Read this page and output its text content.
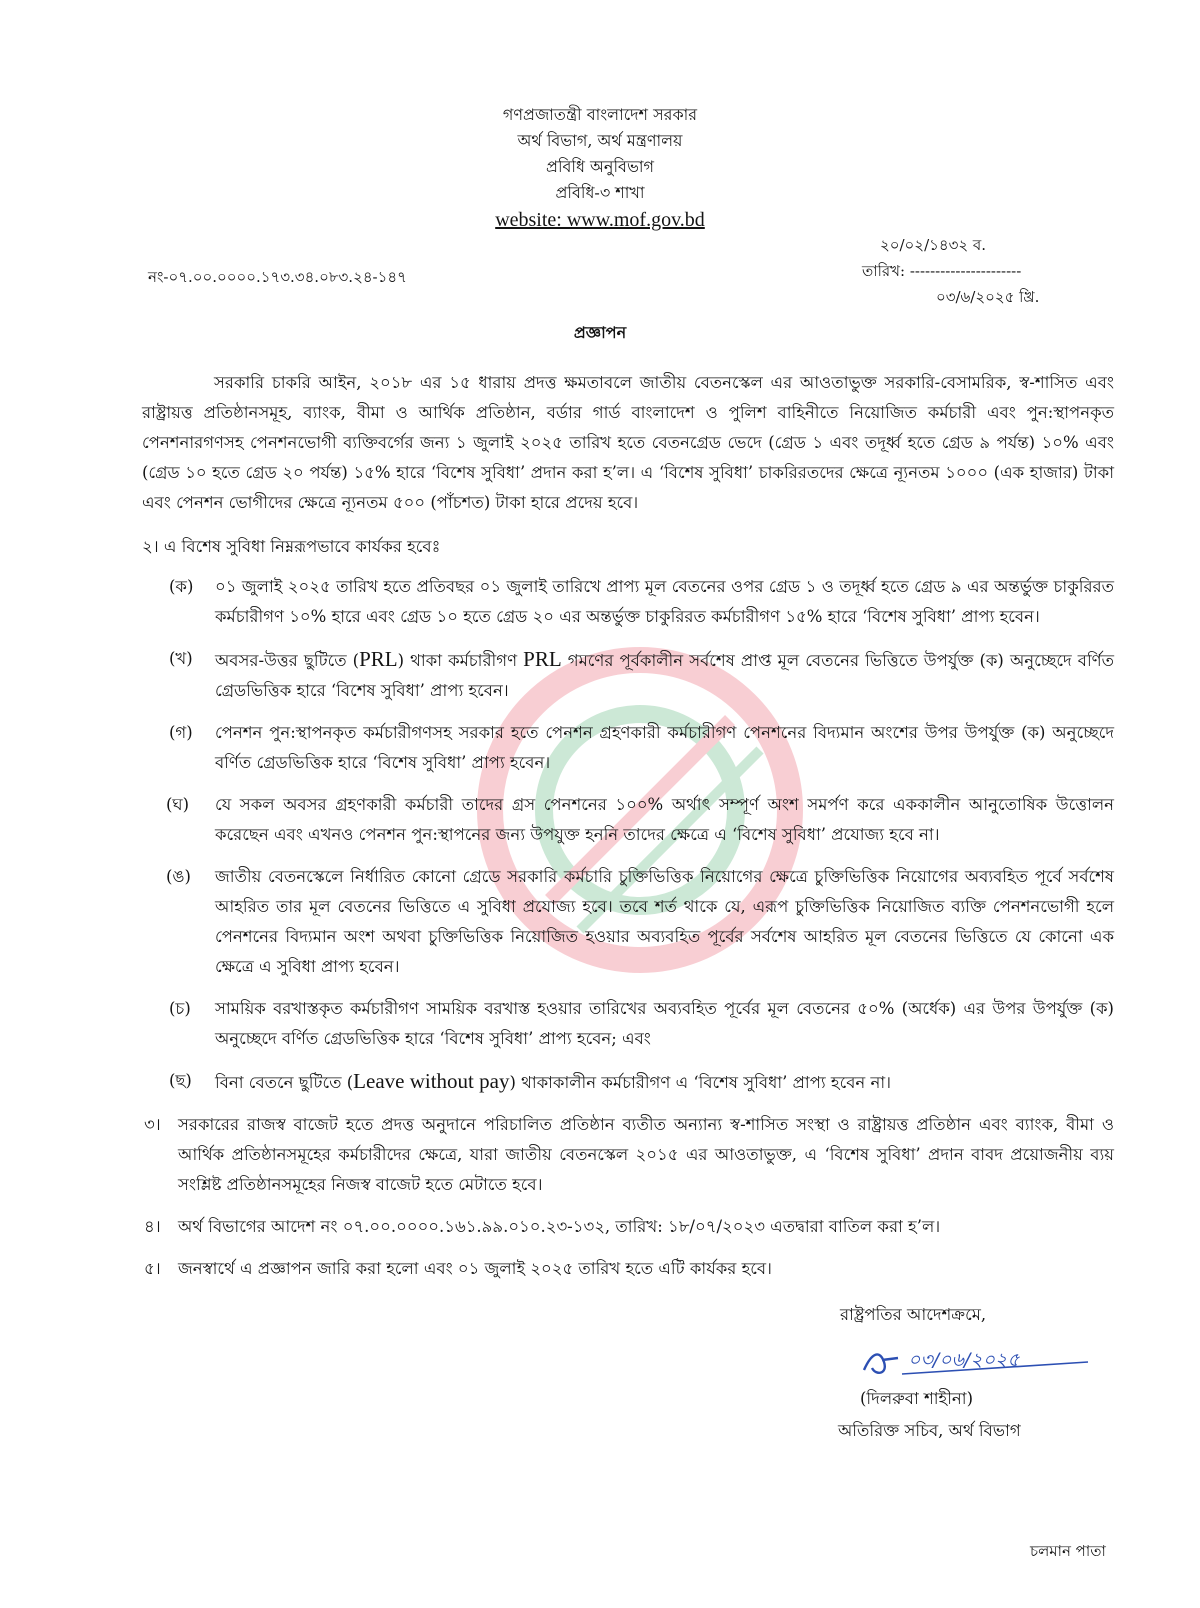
গণপ্রজাতন্ত্রী বাংলাদেশ সরকার
অর্থ বিভাগ, অর্থ মন্ত্রণালয়
প্রবিধি অনুবিভাগ
প্রবিধি-৩ শাখা
website: www.mof.gov.bd
নং-০৭.০০.০০০০.১৭৩.৩৪.০৮৩.২৪-১৪৭
২০/০২/১৪৩২ ব.
তারিখ: ----------------------
০৩/৬/২০২৫ খ্রি.
প্রজ্ঞাপন

সরকারি চাকরি আইন, ২০১৮ এর ১৫ ধারায় প্রদত্ত ক্ষমতাবলে জাতীয় বেতনস্কেল এর আওতাভুক্ত সরকারি-বেসামরিক, স্ব-শাসিত এবং রাষ্ট্রায়ত্ত প্রতিষ্ঠানসমূহ, ব্যাংক, বীমা ও আর্থিক প্রতিষ্ঠান, বর্ডার গার্ড বাংলাদেশ ও পুলিশ বাহিনীতে নিয়োজিত কর্মচারী এবং পুন:স্থাপনকৃত পেনশনারগণসহ পেনশনভোগী ব্যক্তিবর্গের জন্য ১ জুলাই ২০২৫ তারিখ হতে বেতনগ্রেড ভেদে (গ্রেড ১ এবং তদূর্ধ্ব হতে গ্রেড ৯ পর্যন্ত) ১০% এবং (গ্রেড ১০ হতে গ্রেড ২০ পর্যন্ত) ১৫% হারে ‘বিশেষ সুবিধা’ প্রদান করা হ’ল। এ ‘বিশেষ সুবিধা’ চাকরিরতদের ক্ষেত্রে ন্যূনতম ১০০০ (এক হাজার) টাকা এবং পেনশন ভোগীদের ক্ষেত্রে ন্যূনতম ৫০০ (পাঁচশত) টাকা হারে প্রদেয় হবে।

২। এ বিশেষ সুবিধা নিম্নরূপভাবে কার্যকর হবেঃ
(ক) ০১ জুলাই ২০২৫ তারিখ হতে প্রতিবছর ০১ জুলাই তারিখে প্রাপ্য মূল বেতনের ওপর গ্রেড ১ ও তদূর্ধ্ব হতে গ্রেড ৯ এর অন্তর্ভুক্ত চাকুরিরত কর্মচারীগণ ১০% হারে এবং গ্রেড ১০ হতে গ্রেড ২০ এর অন্তর্ভুক্ত চাকুরিরত কর্মচারীগণ ১৫% হারে ‘বিশেষ সুবিধা’ প্রাপ্য হবেন।
(খ) অবসর-উত্তর ছুটিতে (PRL) থাকা কর্মচারীগণ PRL গমণের পূর্বকালীন সর্বশেষ প্রাপ্ত মূল বেতনের ভিত্তিতে উপর্যুক্ত (ক) অনুচ্ছেদে বর্ণিত গ্রেডভিত্তিক হারে ‘বিশেষ সুবিধা’ প্রাপ্য হবেন।
(গ) পেনশন পুন:স্থাপনকৃত কর্মচারীগণসহ সরকার হতে পেনশন গ্রহণকারী কর্মচারীগণ পেনশনের বিদ্যমান অংশের উপর উপর্যুক্ত (ক) অনুচ্ছেদে বর্ণিত গ্রেডভিত্তিক হারে ‘বিশেষ সুবিধা’ প্রাপ্য হবেন।
(ঘ) যে সকল অবসর গ্রহণকারী কর্মচারী তাদের গ্রস পেনশনের ১০০% অর্থাৎ সম্পূর্ণ অংশ সমর্পণ করে এককালীন আনুতোষিক উত্তোলন করেছেন এবং এখনও পেনশন পুন:স্থাপনের জন্য উপযুক্ত হননি তাদের ক্ষেত্রে এ ‘বিশেষ সুবিধা’ প্রযোজ্য হবে না।
(ঙ) জাতীয় বেতনস্কেলে নির্ধারিত কোনো গ্রেডে সরকারি কর্মচারি চুক্তিভিত্তিক নিয়োগের ক্ষেত্রে চুক্তিভিত্তিক নিয়োগের অব্যবহিত পূর্বে সর্বশেষ আহরিত তার মূল বেতনের ভিত্তিতে এ সুবিধা প্রযোজ্য হবে। তবে শর্ত থাকে যে, এরূপ চুক্তিভিত্তিক নিয়োজিত ব্যক্তি পেনশনভোগী হলে পেনশনের বিদ্যমান অংশ অথবা চুক্তিভিত্তিক নিয়োজিত হওয়ার অব্যবহিত পূর্বের সর্বশেষ আহরিত মূল বেতনের ভিত্তিতে যে কোনো এক ক্ষেত্রে এ সুবিধা প্রাপ্য হবেন।
(চ) সাময়িক বরখাস্তকৃত কর্মচারীগণ সাময়িক বরখাস্ত হওয়ার তারিখের অব্যবহিত পূর্বের মূল বেতনের ৫০% (অর্ধেক) এর উপর উপর্যুক্ত (ক) অনুচ্ছেদে বর্ণিত গ্রেডভিত্তিক হারে ‘বিশেষ সুবিধা’ প্রাপ্য হবেন; এবং
(ছ) বিনা বেতনে ছুটিতে (Leave without pay) থাকাকালীন কর্মচারীগণ এ ‘বিশেষ সুবিধা’ প্রাপ্য হবেন না।
৩। সরকারের রাজস্ব বাজেট হতে প্রদত্ত অনুদানে পরিচালিত প্রতিষ্ঠান ব্যতীত অন্যান্য স্ব-শাসিত সংস্থা ও রাষ্ট্রায়ত্ত প্রতিষ্ঠান এবং ব্যাংক, বীমা ও আর্থিক প্রতিষ্ঠানসমূহের কর্মচারীদের ক্ষেত্রে, যারা জাতীয় বেতনস্কেল ২০১৫ এর আওতাভুক্ত, এ ‘বিশেষ সুবিধা’ প্রদান বাবদ প্রয়োজনীয় ব্যয় সংশ্লিষ্ট প্রতিষ্ঠানসমূহের নিজস্ব বাজেট হতে মেটাতে হবে।
৪। অর্থ বিভাগের আদেশ নং ০৭.০০.০০০০.১৬১.৯৯.০১০.২৩-১৩২, তারিখ: ১৮/০৭/২০২৩ এতদ্বারা বাতিল করা হ’ল।
৫। জনস্বার্থে এ প্রজ্ঞাপন জারি করা হলো এবং ০১ জুলাই ২০২৫ তারিখ হতে এটি কার্যকর হবে।
রাষ্ট্রপতির আদেশক্রমে,
০৩/০৬/২০২৫
(দিলরুবা শাহীনা)
অতিরিক্ত সচিব, অর্থ বিভাগ
চলমান পাতা
